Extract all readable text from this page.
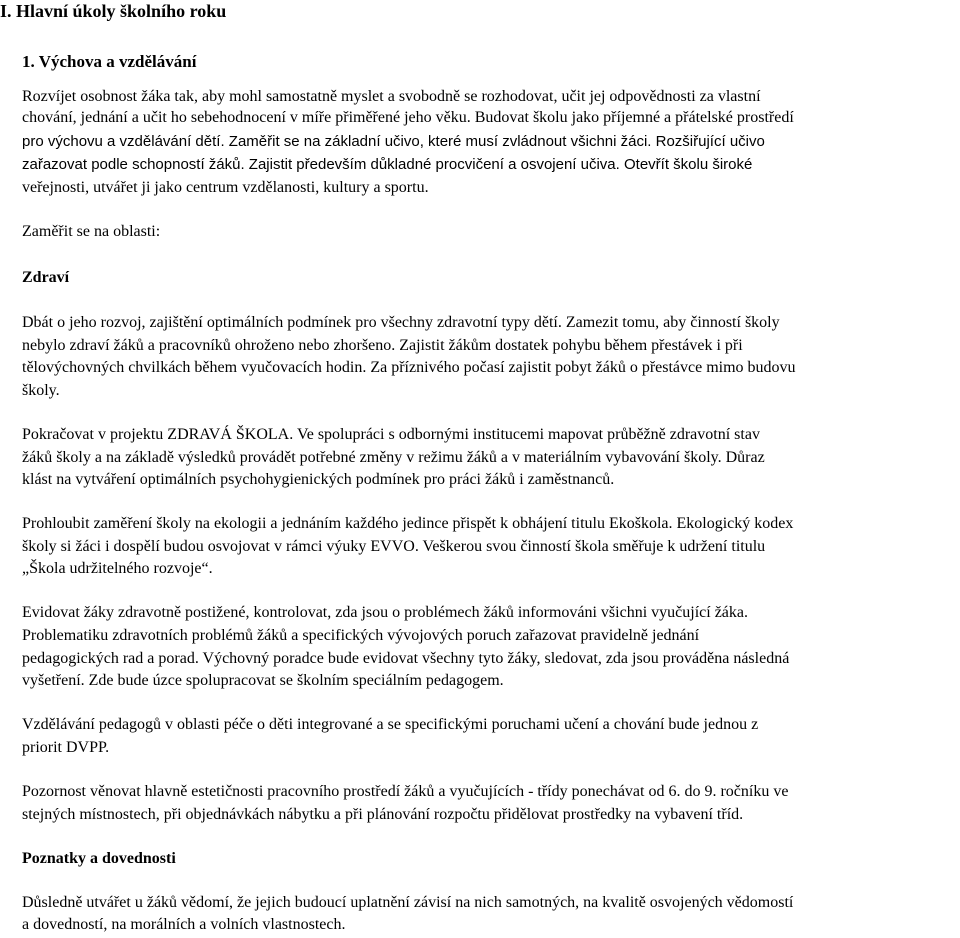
I. Hlavní úkoly školního roku
1. Výchova a vzdělávání
Rozvíjet osobnost žáka tak, aby mohl samostatně myslet a svobodně se rozhodovat, učit jej odpovědnosti za vlastní
chování, jednání a učit ho sebehodnocení v míře přiměřené jeho věku. Budovat školu jako příjemné a přátelské prostředí
pro výchovu a vzdělávání dětí. Zaměřit se na základní učivo, které musí zvládnout všichni žáci. Rozšiřující učivo
zařazovat podle schopností žáků. Zajistit především důkladné procvičení a osvojení učiva. Otevřít školu široké
veřejnosti, utvářet ji jako centrum vzdělanosti, kultury a sportu.
Zaměřit se na oblasti:
Zdraví
Dbát o jeho rozvoj, zajištění optimálních podmínek pro všechny zdravotní typy dětí. Zamezit tomu, aby činností školy
nebylo zdraví žáků a pracovníků ohroženo nebo zhoršeno. Zajistit žákům dostatek pohybu během přestávek i při
tělovýchovných chvilkách během vyučovacích hodin. Za příznivého počasí zajistit pobyt žáků o přestávce mimo budovu
školy.
Pokračovat v projektu ZDRAVÁ ŠKOLA. Ve spolupráci s odbornými institucemi mapovat průběžně zdravotní stav
žáků školy a na základě výsledků provádět potřebné změny v režimu žáků a v materiálním vybavování školy. Důraz
klást na vytváření optimálních psychohygienických podmínek pro práci žáků i zaměstnanců.
Prohloubit zaměření školy na ekologii a jednáním každého jedince přispět k obhájení titulu Ekoškola. Ekologický kodex
školy si žáci i dospělí budou osvojovat v rámci výuky EVVO. Veškerou svou činností škola směřuje k udržení titulu
„Škola udržitelného rozvoje“.
Evidovat žáky zdravotně postižené, kontrolovat, zda jsou o problémech žáků informováni všichni vyučující žáka.
Problematiku zdravotních problémů žáků a specifických vývojových poruch zařazovat pravidelně jednání
pedagogických rad a porad. Výchovný poradce bude evidovat všechny tyto žáky, sledovat, zda jsou prováděna následná
vyšetření. Zde bude úzce spolupracovat se školním speciálním pedagogem.
Vzdělávání pedagogů v oblasti péče o děti integrované a se specifickými poruchami učení a chování bude jednou z
priorit DVPP.
Pozornost věnovat hlavně estetičnosti pracovního prostředí žáků a vyučujících - třídy ponechávat od 6. do 9. ročníku ve
stejných místnostech, při objednávkách nábytku a při plánování rozpočtu přidělovat prostředky na vybavení tříd.
Poznatky a dovednosti
Důsledně utvářet u žáků vědomí, že jejich budoucí uplatnění závisí na nich samotných, na kvalitě osvojených vědomostí
a dovedností, na morálních a volních vlastnostech.
